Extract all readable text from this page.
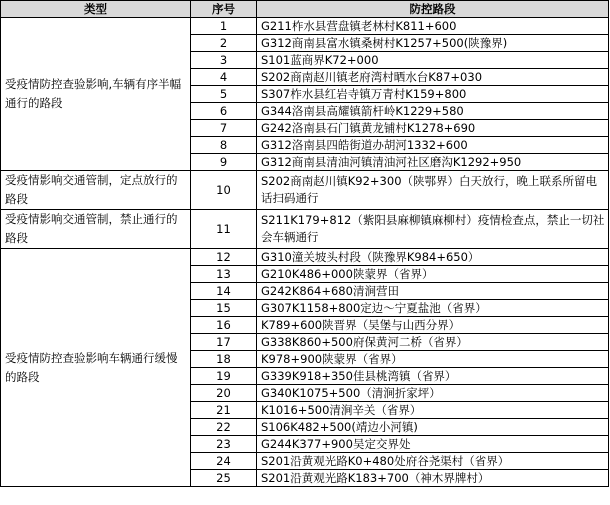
类型	序号	防控路段
受疫情防控查验影响,车辆有序半幅通行的路段	1	G211柞水县营盘镇老林村K811+600
	2	G312商南县富水镇桑树村K1257+500(陕豫界)
	3	S101蓝商界K72+000
	4	S202商南赵川镇老府湾村晒水台K87+030
	5	S307柞水县红岩寺镇万青村K159+800
	6	G344洛南县高耀镇箭杆岭K1229+580
	7	G242洛南县石门镇黄龙铺村K1278+690
	8	G312洛南县四皓街道办胡河1332+600
	9	G312商南县清油河镇清油河社区磨沟K1292+950
受疫情影响交通管制，定点放行的路段	10	S202商南赵川镇K92+300（陕鄂界）白天放行，晚上联系所留电话扫码通行
受疫情影响交通管制，禁止通行的路段	11	S211K179+812（紫阳县麻柳镇麻柳村）疫情检查点，禁止一切社会车辆通行
受疫情防控查验影响车辆通行缓慢的路段	12	G310潼关坡头村段（陕豫界K984+650）
	13	G210K486+000陕蒙界（省界）
	14	G242K864+680清涧营田
	15	G307K1158+800定边～宁夏盐池（省界）
	16	K789+600陕晋界（吴堡与山西分界）
	17	G338K860+500府保黄河二桥（省界）
	18	K978+900陕蒙界（省界）
	19	G339K918+350佳县桃湾镇（省界）
	20	G340K1075+500（清涧折家坪）
	21	K1016+500清涧辛关（省界）
	22	S106K482+500(靖边小河镇)
	23	G244K377+900吴定交界处
	24	S201沿黄观光路K0+480处府谷尧渠村（省界）
	25	S201沿黄观光路K183+700（神木界牌村）
